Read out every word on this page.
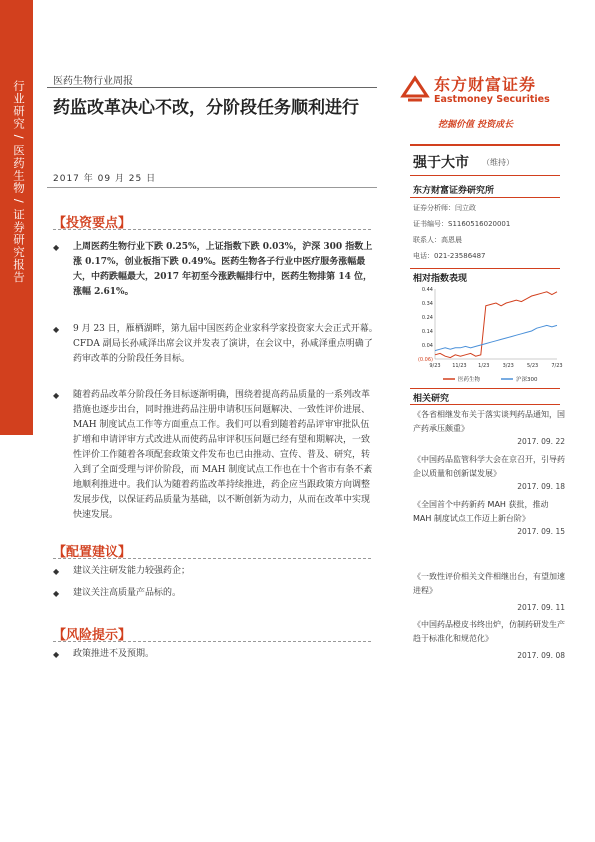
行业研究 / 医药生物 / 证券研究报告	医药生物行业周报
药监改革决心不改，分阶段任务顺利进行
2017 年 09 月 25 日
【投资要点】
◆ 上周医药生物行业下跌 0.25%，上证指数下跌 0.03%，沪深 300 指数上涨 0.17%，创业板指下跌 0.49%。医药生物各子行业中医疗服务涨幅最大，中药跌幅最大，2017 年初至今涨跌幅排行中，医药生物排第 14 位，涨幅 2.61%。
◆ 9 月 23 日，雁栖湖畔，第九届中国医药企业家科学家投资家大会正式开幕。CFDA 副局长孙咸泽出席会议并发表了演讲，在会议中，孙咸泽重点明确了药审改革的分阶段任务目标。
◆ 随着药品改革分阶段任务目标逐渐明确，围绕着提高药品质量的一系列改革措施也逐步出台，同时推进药品注册申请积压问题解决、一致性评价进展、MAH 制度试点工作等方面重点工作。我们可以看到随着药品评审审批队伍扩增和申请评审方式改进从而使药品审评积压问题已经有望和期解决，一致性评价工作随着各项配套政策文件发布也已由推动、宣传、普及、研究，转入到了全面受理与评价阶段，而 MAH 制度试点工作也在十个省市有条不紊地顺利推进中。我们认为随着药监改革持续推进，药企应当跟政策方向调整发展步伐，以保证药品质量为基础，以不断创新为动力，从而在改革中实现快速发展。
【配置建议】
◆ 建议关注研发能力较强药企；
◆ 建议关注高质量产品标的。
【风险提示】
◆ 政策推进不及预期。
东方财富证券
Eastmoney Securities
挖掘价值 投资成长
强于大市 （维持）
东方财富证券研究所
证券分析师：闫立政
证书编号：S1160516020001
联系人：高恩晨
电话：021-23586487
相对指数表现
0.44
0.34
0.24
0.14
0.04
(0.06)
9/23 11/23 1/23	3/23	5/23	7/23
医药生物	沪深300
相关研究
《各省相继发布关于落实谈判药品通知，国产药承压颇重》
2017. 09. 22
《中国药品监管科学大会在京召开，引导药企以质量和创新谋发展》
2017. 09. 18
《全国首个中药新药 MAH 获批，推动 MAH 制度试点工作迈上新台阶》
2017. 09. 15
《一致性评价相关文件相继出台，有望加速进程》
2017. 09. 11
《中国药品橙皮书终出炉，仿制药研发生产趋于标准化和规范化》
2017. 09. 08
